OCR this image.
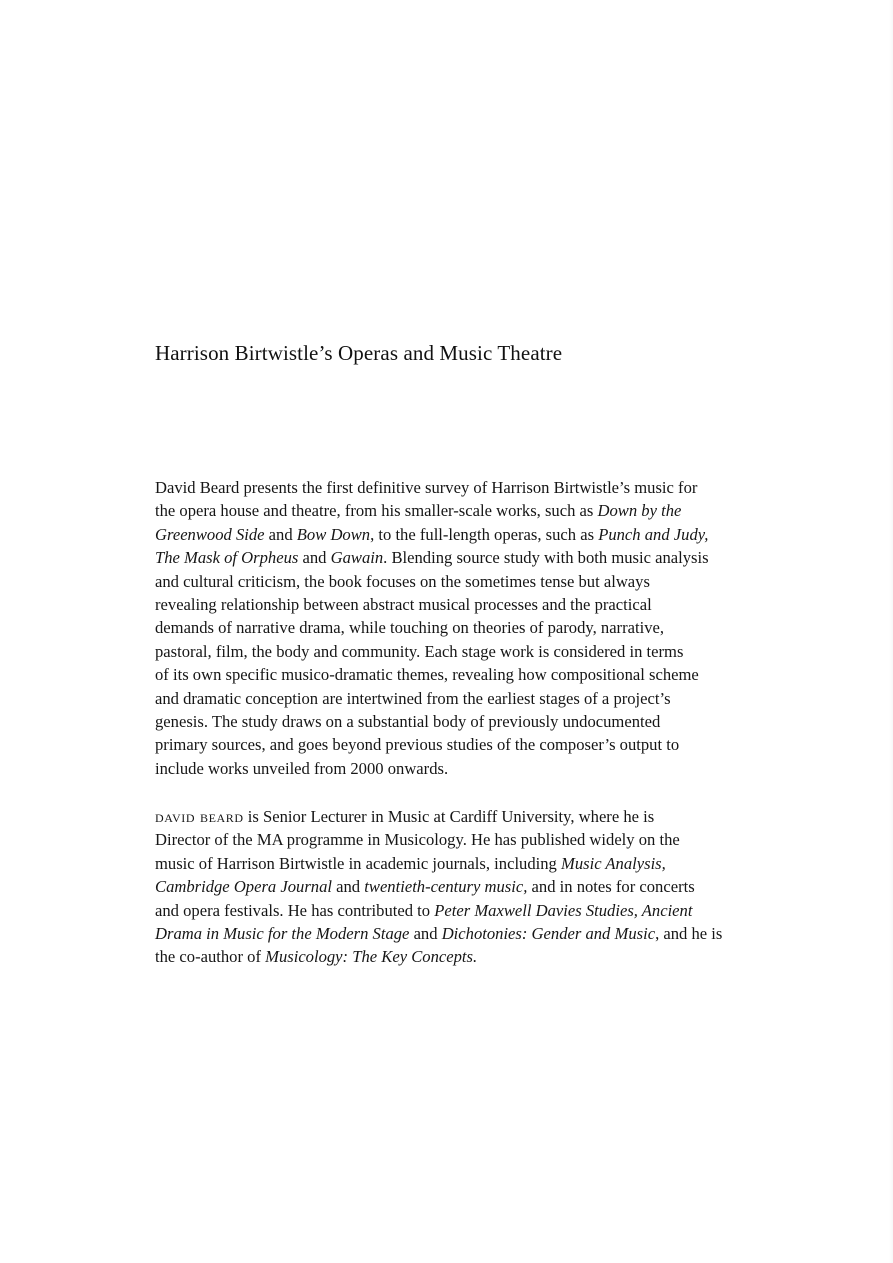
Harrison Birtwistle’s Operas and Music Theatre

David Beard presents the first definitive survey of Harrison Birtwistle’s music for
the opera house and theatre, from his smaller-scale works, such as Down by the
Greenwood Side and Bow Down, to the full-length operas, such as Punch and Judy,
The Mask of Orpheus and Gawain. Blending source study with both music analysis
and cultural criticism, the book focuses on the sometimes tense but always
revealing relationship between abstract musical processes and the practical
demands of narrative drama, while touching on theories of parody, narrative,
pastoral, film, the body and community. Each stage work is considered in terms
of its own specific musico-dramatic themes, revealing how compositional scheme
and dramatic conception are intertwined from the earliest stages of a project’s
genesis. The study draws on a substantial body of previously undocumented
primary sources, and goes beyond previous studies of the composer’s output to
include works unveiled from 2000 onwards.

david beard is Senior Lecturer in Music at Cardiff University, where he is
Director of the MA programme in Musicology. He has published widely on the
music of Harrison Birtwistle in academic journals, including Music Analysis,
Cambridge Opera Journal and twentieth-century music, and in notes for concerts
and opera festivals. He has contributed to Peter Maxwell Davies Studies, Ancient
Drama in Music for the Modern Stage and Dichotonies: Gender and Music, and he is
the co-author of Musicology: The Key Concepts.
